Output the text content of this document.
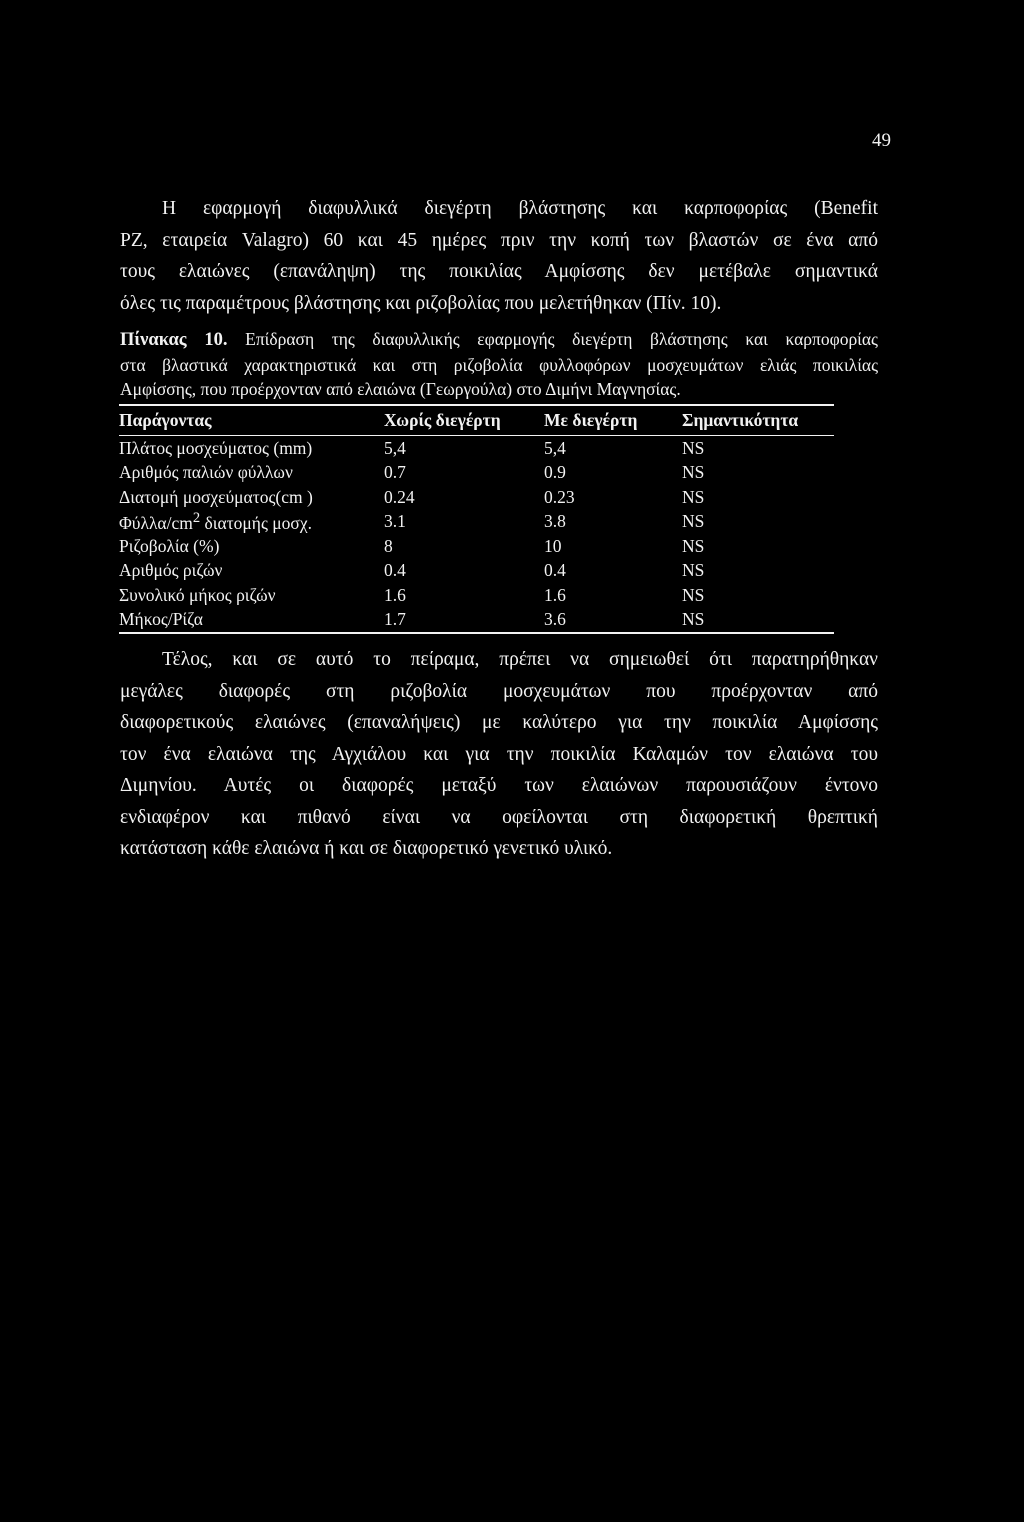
49
Η εφαρμογή διαφυλλικά διεγέρτη βλάστησης και καρποφορίας (Benefit
PZ, εταιρεία Valagro) 60 και 45 ημέρες πριν την κοπή των βλαστών σε ένα από
τους ελαιώνες (επανάληψη) της ποικιλίας Αμφίσσης δεν μετέβαλε σημαντικά
όλες τις παραμέτρους βλάστησης και ριζοβολίας που μελετήθηκαν (Πίν. 10).
Πίνακας 10. Επίδραση της διαφυλλικής εφαρμογής διεγέρτη βλάστησης και καρποφορίας
στα βλαστικά χαρακτηριστικά και στη ριζοβολία φυλλοφόρων μοσχευμάτων ελιάς ποικιλίας
Αμφίσσης, που προέρχονταν από ελαιώνα (Γεωργούλα) στο Διμήνι Μαγνησίας.
Παράγοντας	Χωρίς διεγέρτη	Με διεγέρτη	Σημαντικότητα
Πλάτος μοσχεύματος (mm)	5,4	5,4	NS
Αριθμός παλιών φύλλων	0.7	0.9	NS
Διατομή μοσχεύματος(cm )	0.24	0.23	NS
Φύλλα/$cm^2$ διατομής μοσχ.	3.1	3.8	NS
Ριζοβολία (%)	8	10	NS
Αριθμός ριζών	0.4	0.4	NS
Συνολικό μήκος ριζών	1.6	1.6	NS
Μήκος/Ρίζα	1.7	3.6	NS
Τέλος, και σε αυτό το πείραμα, πρέπει να σημειωθεί ότι παρατηρήθηκαν
μεγάλες διαφορές στη ριζοβολία μοσχευμάτων που προέρχονταν από
διαφορετικούς ελαιώνες (επαναλήψεις) με καλύτερο για την ποικιλία Αμφίσσης
τον ένα ελαιώνα της Αγχιάλου και για την ποικιλία Καλαμών τον ελαιώνα του
Διμηνίου. Αυτές οι διαφορές μεταξύ των ελαιώνων παρουσιάζουν έντονο
ενδιαφέρον και πιθανό είναι να οφείλονται στη διαφορετική θρεπτική
κατάσταση κάθε ελαιώνα ή και σε διαφορετικό γενετικό υλικό.
